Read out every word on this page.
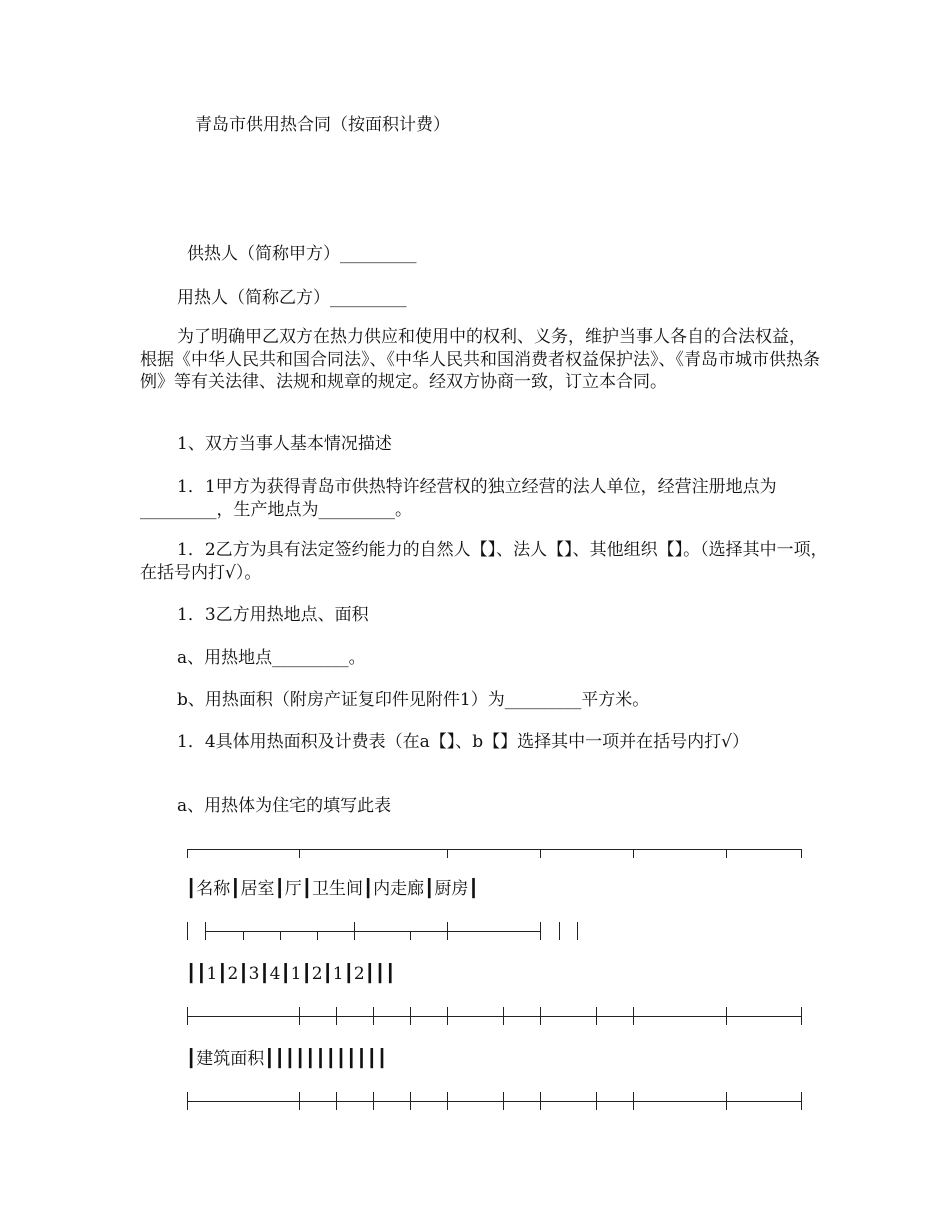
青岛市供用热合同（按面积计费）
供热人（简称甲方）_________
用热人（简称乙方）_________
为了明确甲乙双方在热力供应和使用中的权利、义务，维护当事人各自的合法权益，根据《中华人民共和国合同法》、《中华人民共和国消费者权益保护法》、《青岛市城市供热条例》等有关法律、法规和规章的规定。经双方协商一致，订立本合同。
1、双方当事人基本情况描述
1．1甲方为获得青岛市供热特许经营权的独立经营的法人单位，经营注册地点为_________，生产地点为_________。
1．2乙方为具有法定签约能力的自然人【】、法人【】、其他组织【】。（选择其中一项，在括号内打√）。
1．3乙方用热地点、面积
a、用热地点_________。
b、用热面积（附房产证复印件见附件1）为_________平方米。
1．4具体用热面积及计费表（在a【】、b【】选择其中一项并在括号内打√）
a、用热体为住宅的填写此表
┃名称┃居室┃厅┃卫生间┃内走廊┃厨房┃
┃┃1┃2┃3┃4┃1┃2┃1┃2┃┃┃
┃建筑面积┃┃┃┃┃┃┃┃┃┃┃┃
